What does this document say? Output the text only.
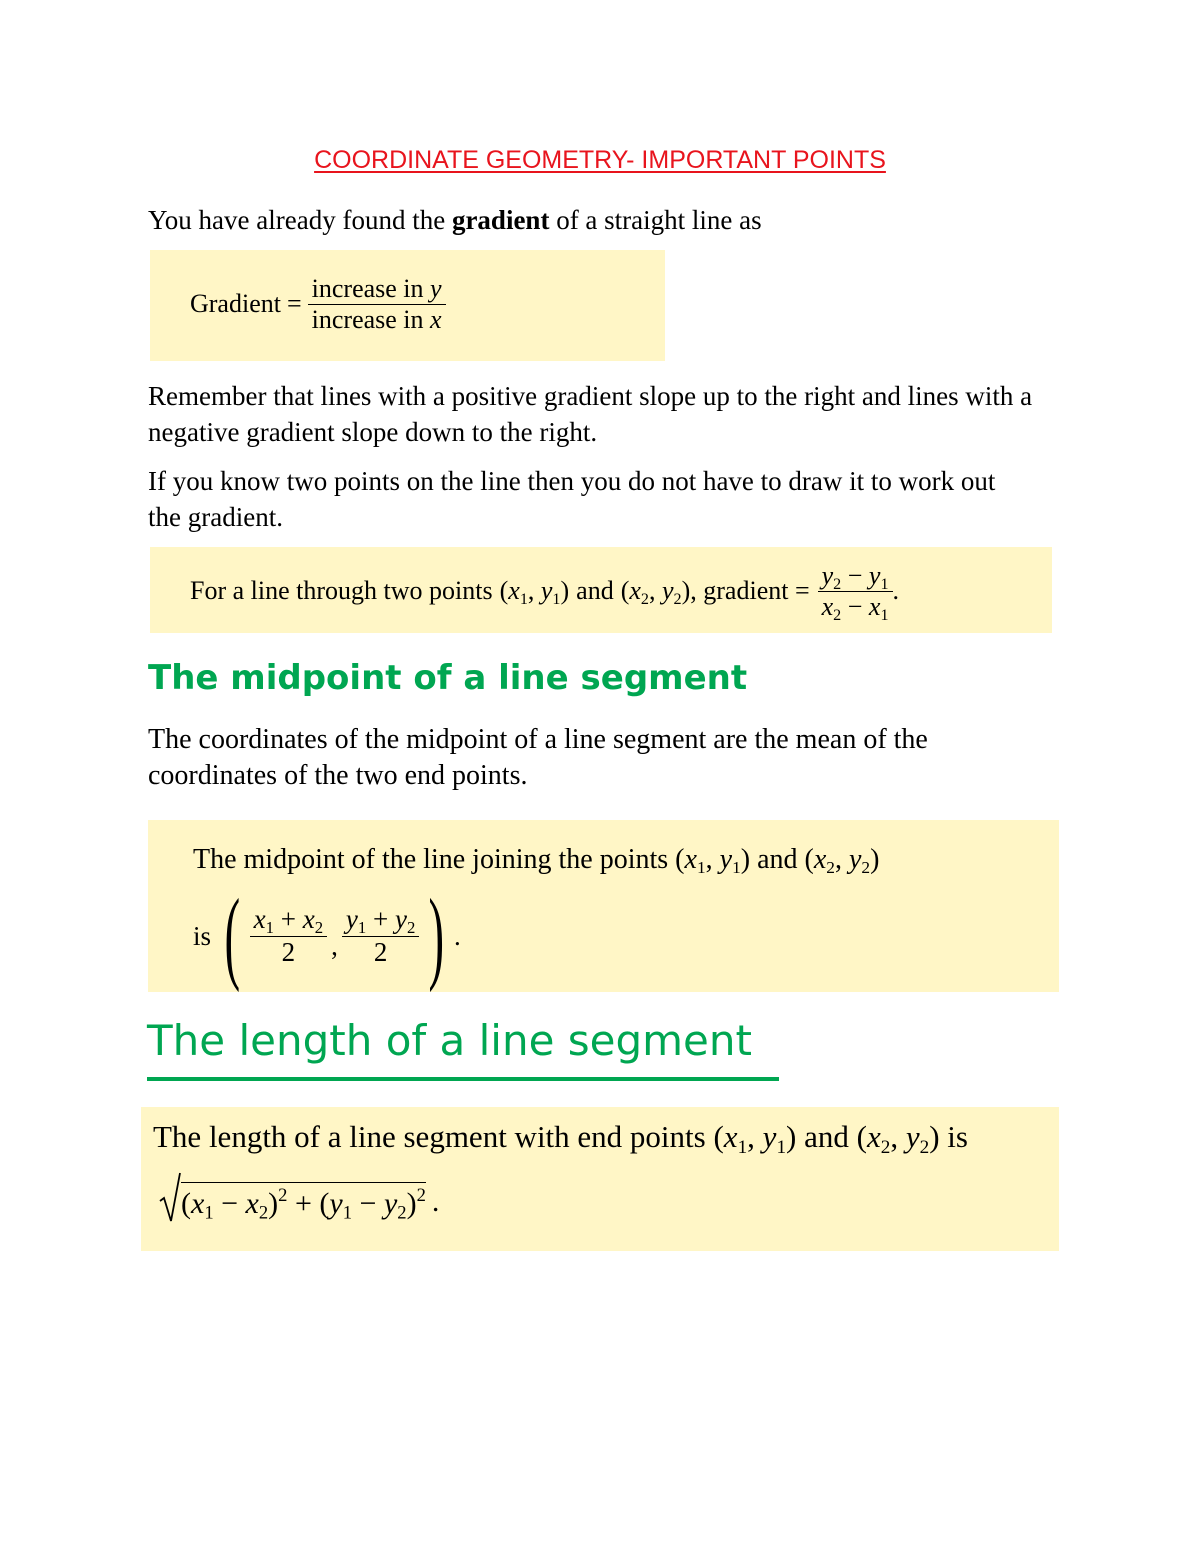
COORDINATE GEOMETRY- IMPORTANT POINTS
You have already found the gradient of a straight line as
Gradient = $\frac{\text{increase in y}}{\text{increase in x}}$
Remember that lines with a positive gradient slope up to the right and lines with a negative gradient slope down to the right.
If you know two points on the line then you do not have to draw it to work out the gradient.
For a line through two points ($x_1$, $y_1$) and ($x_2$, $y_2$) , gradient = $\frac{y_2 - y_1}{x_2 - x_1}$ .
The midpoint of a line segment
The coordinates of the midpoint of a line segment are the mean of the coordinates of the two end points.
The midpoint of the line joining the points ($x_1$, $y_1$) and ($x_2$, $y_2$)
is ( $\frac{x_1 + x_2}{2}$ , $\frac{y_1 + y_2}{2}$ ) .
The length of a line segment
The length of a line segment with end points ($x_1$, $y_1$) and ($x_2$, $y_2$) is
$(x_1 - x_2)^2 + (y_1 - y_2)^2$ .
